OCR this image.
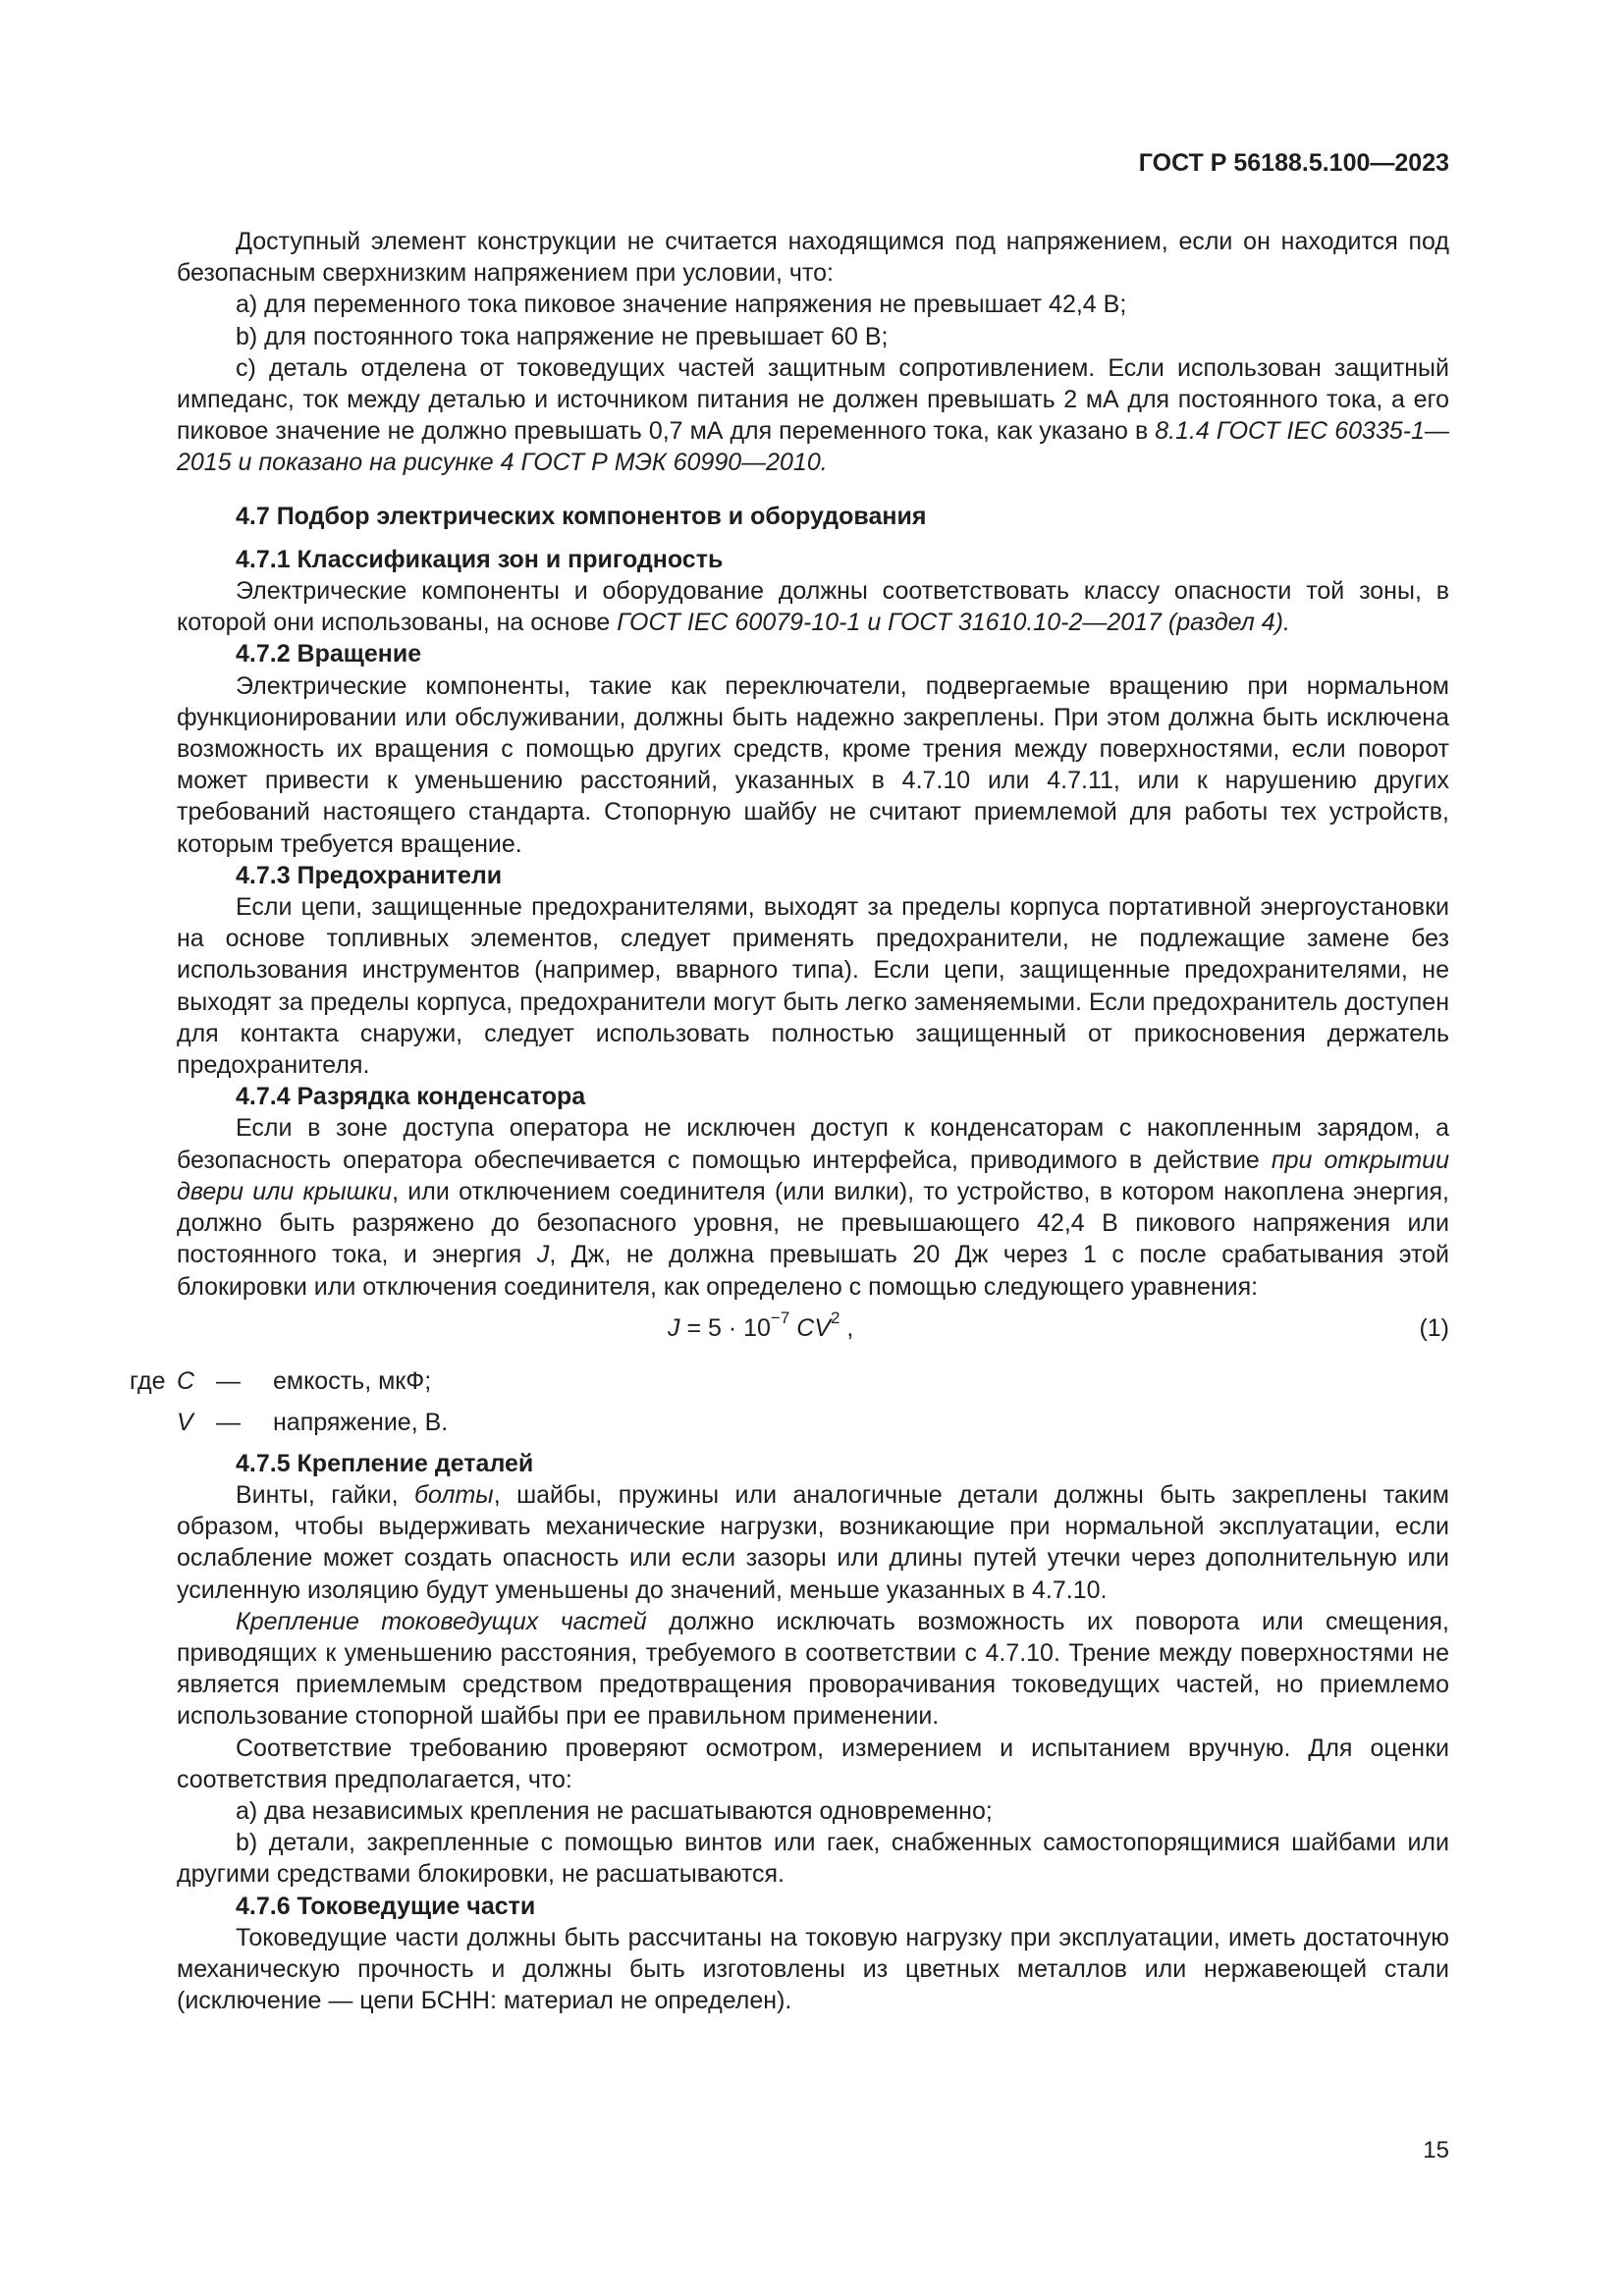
ГОСТ Р 56188.5.100—2023

Доступный элемент конструкции не считается находящимся под напряжением, если он находится под безопасным сверхнизким напряжением при условии, что:

a) для переменного тока пиковое значение напряжения не превышает 42,4 В;

b) для постоянного тока напряжение не превышает 60 В;

c) деталь отделена от токоведущих частей защитным сопротивлением. Если использован защитный импеданс, ток между деталью и источником питания не должен превышать 2 мА для постоянного тока, а его пиковое значение не должно превышать 0,7 мА для переменного тока, как указано в 8.1.4 ГОСТ IEC 60335-1—2015 и показано на рисунке 4 ГОСТ Р МЭК 60990—2010.

4.7 Подбор электрических компонентов и оборудования

4.7.1 Классификация зон и пригодность

Электрические компоненты и оборудование должны соответствовать классу опасности той зоны, в которой они использованы, на основе ГОСТ IEC 60079-10-1 и ГОСТ 31610.10-2—2017 (раздел 4).

4.7.2 Вращение

Электрические компоненты, такие как переключатели, подвергаемые вращению при нормальном функционировании или обслуживании, должны быть надежно закреплены. При этом должна быть исключена возможность их вращения с помощью других средств, кроме трения между поверхностями, если поворот может привести к уменьшению расстояний, указанных в 4.7.10 или 4.7.11, или к нарушению других требований настоящего стандарта. Стопорную шайбу не считают приемлемой для работы тех устройств, которым требуется вращение.

4.7.3 Предохранители

Если цепи, защищенные предохранителями, выходят за пределы корпуса портативной энергоустановки на основе топливных элементов, следует применять предохранители, не подлежащие замене без использования инструментов (например, вварного типа). Если цепи, защищенные предохранителями, не выходят за пределы корпуса, предохранители могут быть легко заменяемыми. Если предохранитель доступен для контакта снаружи, следует использовать полностью защищенный от прикосновения держатель предохранителя.

4.7.4 Разрядка конденсатора

Если в зоне доступа оператора не исключен доступ к конденсаторам с накопленным зарядом, а безопасность оператора обеспечивается с помощью интерфейса, приводимого в действие при открытии двери или крышки, или отключением соединителя (или вилки), то устройство, в котором накоплена энергия, должно быть разряжено до безопасного уровня, не превышающего 42,4 В пикового напряжения или постоянного тока, и энергия J, Дж, не должна превышать 20 Дж через 1 с после срабатывания этой блокировки или отключения соединителя, как определено с помощью следующего уравнения:

$J = 5 \cdot 10^{-7}$ $CV^2$ ,	(1)
где C — емкость, мкФ;
V — напряжение, В.

4.7.5 Крепление деталей

Винты, гайки, болты, шайбы, пружины или аналогичные детали должны быть закреплены таким образом, чтобы выдерживать механические нагрузки, возникающие при нормальной эксплуатации, если ослабление может создать опасность или если зазоры или длины путей утечки через дополнительную или усиленную изоляцию будут уменьшены до значений, меньше указанных в 4.7.10.

Крепление токоведущих частей должно исключать возможность их поворота или смещения, приводящих к уменьшению расстояния, требуемого в соответствии с 4.7.10. Трение между поверхностями не является приемлемым средством предотвращения проворачивания токоведущих частей, но приемлемо использование стопорной шайбы при ее правильном применении.

Соответствие требованию проверяют осмотром, измерением и испытанием вручную. Для оценки соответствия предполагается, что:

a) два независимых крепления не расшатываются одновременно;

b) детали, закрепленные с помощью винтов или гаек, снабженных самостопорящимися шайбами или другими средствами блокировки, не расшатываются.

4.7.6 Токоведущие части

Токоведущие части должны быть рассчитаны на токовую нагрузку при эксплуатации, иметь достаточную механическую прочность и должны быть изготовлены из цветных металлов или нержавеющей стали (исключение — цепи БСНН: материал не определен).

15
